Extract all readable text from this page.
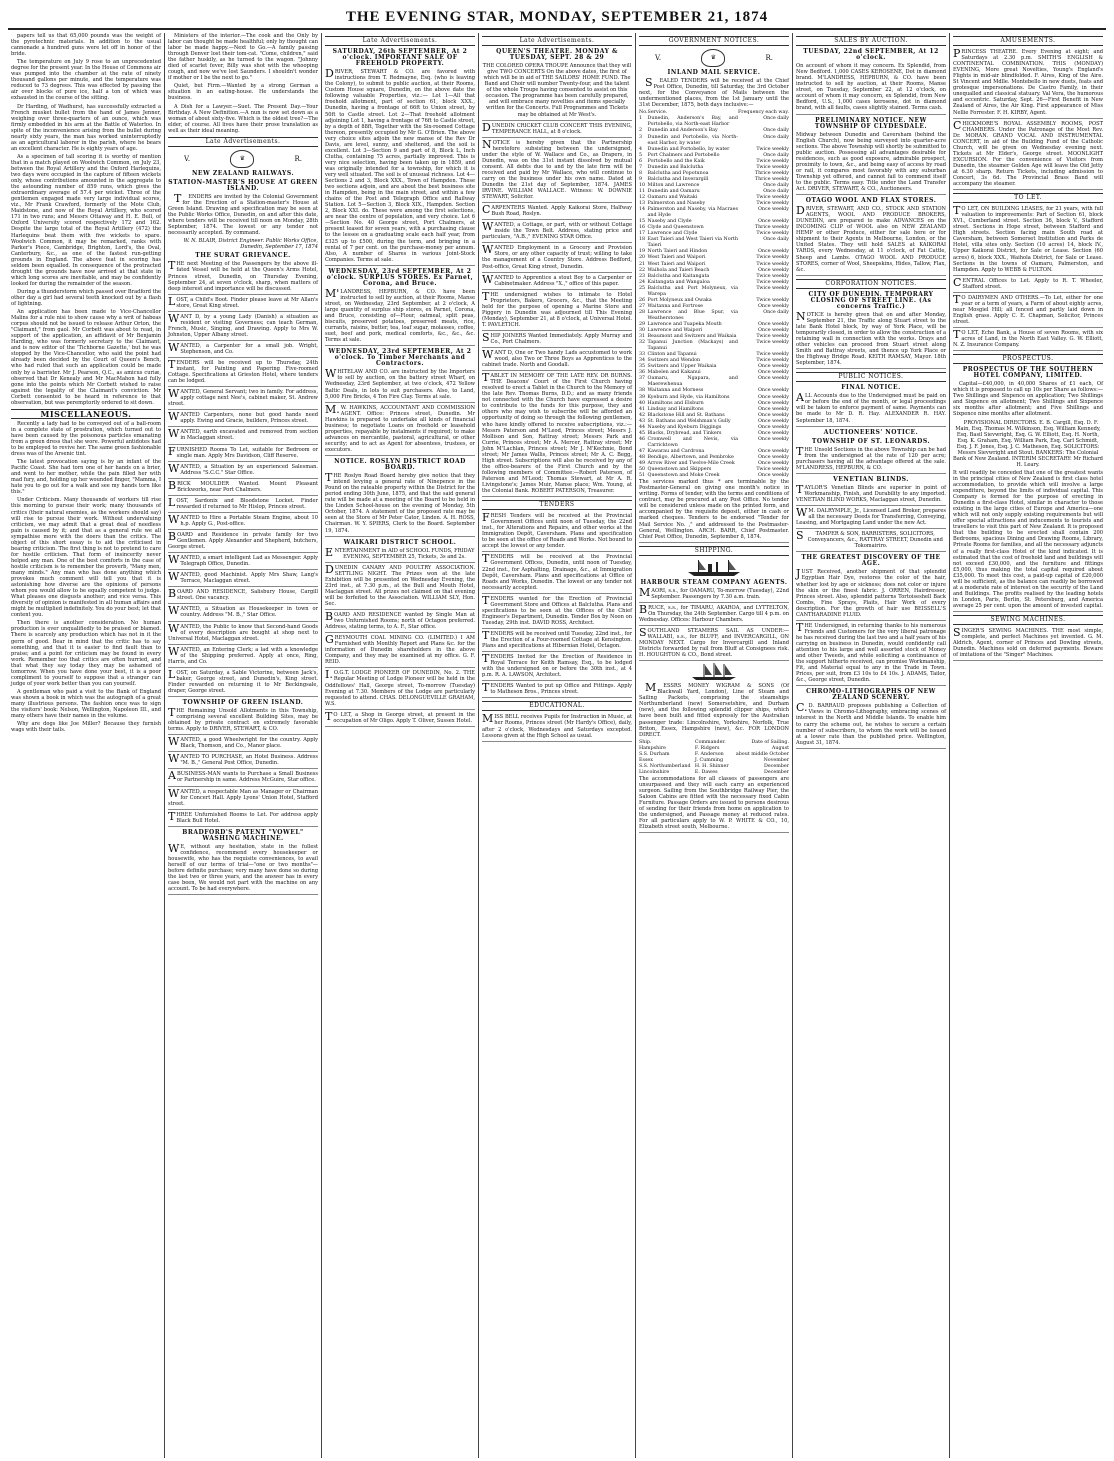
THE EVENING STAR, MONDAY, SEPTEMBER 21, 1874

papers tell us that 65,000 pounds was the weight of the pyrotechnic materials. In addition to the usual cannonade a hundred guns were let off in honor of the bride.

The temperature on July 9 rose to an unprecedented degree for the present year. In the House of Commons air was pumped into the chamber at the rate of ninety thousand gallons per minute, and the temperature was reduced to 73 degrees. This was effected by passing the air over blocks of pure ice, half a ton of which was exhausted in the course of the sitting.

Dr Harding, of Wadhurst, has successfully extracted a French musket bullet from the hand of James Jenner, weighing over three-quarters of an ounce, which was firmly embedded in his arm at the Battle of Waterloo. In spite of the inconvenience arising from the bullet during nearly sixty years, the man has worked uninterruptedly as an agricultural laborer in the parish, where he bears an excellent character. He is eighty years of age.

As a specimen of tall scoring it is worthy of mention that in a match played on Woolwich Common, on July 23, between the Royal Artillery and the Oxford Harlequins, two days were occupied in the capture of fifteen wickets only, whose contributions amounted in the aggregate to the astounding number of 859 runs, which gives the extraordinary average of 57.4 per wicket. Three of the gentlemen engaged made very large individual scores, viz., Mr Frank Crawford, formerly of the Mote Club, Maidstone, and now of the Royal Artillery, who scored 171 in two runs; and Messrs Ottaway and H. E. Bull, of Oxford University scored respectively 172 and 162. Despite the large total of the Royal Artillery (472) the Harlequins beat them with five wickets to spare. Woolwich Common, it may be remarked, ranks with Parker's Piece, Cambridge, Brighton, Lord's, the Oval, Canterbury, &c., as one of the fastest run-getting grounds in England. The above feat in scoring has seldom been equalled. In consequence of the protracted drought the grounds have now arrived at that state in which long scores are inevitable, and may be confidently looked for during the remainder of the season.

During a thunderstorm which passed over Bradford the other day a girl had several teeth knocked out by a flash of lightning.

An application has been made to Vice-Chancellor Malins for a rule nisi to show cause why a writ of habeas corpus should not be issued to release Arthur Orton, the "Claimant," from gaol. Mr Corbett was about to read, in support of the application, an affidavit of Mr Benjamin Harding, who was formerly secretary to the Claimant, and is now editor of the 'Tichborne Gazette,' but he was stopped by the Vice-Chancellor, who said the point had already been decided by the Court of Queen's Bench, who had ruled that such an application could be made only by a barrister. Mr J. Pearson, Q.C., as amicus curiæ, observed that Dr Kenealy and Mr MacMahon had fully gone into the points which Mr Corbett wished to raise against the legality of the Claimant's conviction. Mr Corbett consented to be heard in reference to that observation, but was peremptorily ordered to sit down.

MISCELLANEOUS.

Recently a lady had to be conveyed out of a ball-room in a complete state of prostration, which turned out to have been caused by the poisonous particles emanating from a green dress that she wore. Powerful antidotes had to be employed to revive her. The same green fashionable dress was of the Arsenic tint.

The latest provocation saying is by an infant of the Pacific Coast. She had torn one of her hands on a brier, and went to her mother, while the pain filled her with mad fury, and, holding up her wounded finger, "Mamma, I hate you to go out for a walk and see my hands torn like this."

Under Criticism. Many thousands of workers till rise this morning to pursue their work; many thousands of critics (their natural enemies, as the workers should say) will rise to pursue their work. Without undervaluing criticism, we may admit that a great deal of needless pain is caused by it; and that as a general rule we all sympathise more with the doers than the critics. The object of this short essay is to aid the criticised in bearing criticism. The first thing is not to pretend to care for hostile criticism. That form of insincerity never helped any man. One of the best comforts in the case of hostile criticism is to remember the proverb, "Many men, many minds." Any man who has done anything which provokes much comment will tell you that it is astonishing how diverse are the opinions of persons whom you would allow to be equally competent to judge. What pleases one disgusts another; and vice versa. This diversity of opinion is manifested in all human affairs and might be multiplied indefinitely. You do your best; let that content you.

Then there is another consideration. No human production is ever unqualifiedly to be praised or blamed. There is scarcely any production which has not in it the germ of good. Bear in mind that the critic has to say something, and that it is easier to find fault than to praise; and a point for criticism may be found in every work. Remember too that critics are often hurried, and that what they say today they may be ashamed of tomorrow. When you have done your best, it is a poor compliment to yourself to suppose that a stranger can judge of your work better than you can yourself.

A gentleman who paid a visit to the Bank of England was shown a book in which was the autograph of a great many illustrious persons. The fashion once was to sign the visitors' book: Nelson, Wellington, Napoleon III., and many others have their names in the volume.

Why are dogs like Joe Miller? Because they furnish wags with their tails.

Ministers of the interior.—The cook and the Only by labor can thought be made healthful; only by thought can labor be made happy.—Next to Go.—A family passing through Denver lost their tom-cat. "Come, children," said the father huskily, as he turned to the wagon. "Johnny died of scarlet fever, Billy was shot with the whooping cough, and now we've lost Saunders. I shouldn't wonder if mother or I be the next to go."

Quiet, but Firm.—Wanted by a strong German a situation in an eating-house. He understands the business.

A Dish for a Lawyer.—Suet. The Present Day.—Your Birthday. A New Definition.—A nun is now set down as a woman of about sixty-five. Which is the oldest tree?—The elder, of course. All lives have their prose translation as well as their ideal meaning.

Late Advertisements.
V.	♛	R.
NEW ZEALAND RAILWAYS.
STATION-MASTER'S HOUSE AT GREEN ISLAND.

TENDERS are invited by the Colonial Government for the Erection of a Station-master's House at Green Island. Drawing and specification may be seen at the Public Works Office, Dunedin, on and after this date, where tenders will be received till noon on Monday, 28th September, 1874. The lowest or any tender not necessarily accepted. By command.

W. N. BLAIR, District Engineer. Public Works Office, Dunedin, September 17, 1874

THE SURAT GRIEVANCE.

THE next Meeting of the Passengers by the above ill-fated Vessel will be held at the Queen's Arms Hotel, Princes street, Dunedin, on Thursday Evening, September 24, at seven o'clock, sharp, when matters of deep interest and importance will be discussed.

LOST, a Child's Boot. Finder please leave at Mr Allan's store, Great King street.

WANT D, by a young Lady (Danish) a situation as resident or visiting Governess; can teach German, French, Music, Singing, and Drawing. Apply to Mrs W. Johnston, Upper Albany street.

WANTED, a Carpenter for a small job. Wright, Stephenson, and Co.

TENDERS will be received up to Thursday, 24th instant, for Painting and Papering Five-roomed Cottage. Specifications at Grieston Hotel, where tenders can be lodged.

WANTED, General Servant; two in family. For address, apply cottage next Nee's, cabinet maker, St. Andrew street.

WANTED Carpenters, none but good hands need apply. Ewing and Gracie, builders, Princes street.

WANTED, earth excavated and removed from section in Maclaggan street.

FURNISHED Rooms To Let, suitable for Bedroom or single man. Apply Mrs Davidson, Cliff Reserve.

WANTED, a Situation by an experienced Salesman. Address "S.C.C." Star Office.

BRICK MOULDER Wanted. Mount Pleasant Brickworks, near Port Chalmers.

LOST, Sardonix and Bloodstone Locket. Finder rewarded if returned to Mr Hislop, Princes street.

WANTED to Hire a Portable Steam Engine, about 10 h.p. Apply G., Post-office.

BOARD and Residence in private family for two Gentlemen. Apply Alexander and Shepherd, butchers, George street.

WANTED, a smart intelligent Lad as Messenger. Apply Telegraph Office, Dunedin.

WANTED, good Machinist. Apply Mrs Shaw, Lang's Terrace, Maclaggan street.

BOARD AND RESIDENCE, Salisbury House, Cargill street. One vacancy.

WANTED, a Situation as Housekeeper in town or country. Address "M. B.," Star Office.

WANTED, the Public to know that Second-hand Goods of every description are bought at shop next to Universal Hotel, Maclaggan street.

WANTED, an Entering Clerk; a lad with a knowledge of the Shipping preferred. Apply at once, Ring, Harris, and Co.

LOST, on Saturday, a Sable Victorine, between Jack's, baker, George street, and Dunedin's, King street. Finder rewarded on returning it to Mr Beckingsale, draper, George street.

TOWNSHIP OF GREEN ISLAND.

THE Remaining Unsold Allotments in this Township, comprising several excellent Building Sites, may be obtained by private contract on extremely favorable terms. Apply to DRIVER, STEWART, & CO.

WANTED, a good Wheelwright for the country. Apply Black, Thomson, and Co., Manor place.

WANTED TO PURCHASE, an Hotel Business. Address "M. B.," General Post Office, Dunedin.

ABUSINESS-MAN wants to Purchase a Small Business or Partnership in same. Address McGuire, Star office.

WANTED, a respectable Man as Manager or Chairman for Concert Hall. Apply Lyons' Union Hotel, Stafford street.

THREE Unfurnished Rooms to Let. For address apply Black Bull Hotel.

BRADFORD'S PATENT "VOWEL" WASHING MACHINE.

WE, without any hesitation, state in the fullest confidence, recommend every housekeeper or housewife, who has the requisite conveniences, to avail herself of our terms of trial—"one or two months"—before definite purchase; very many have done so during the last two or three years, and the answer has in every case been, We would not part with the machine on any account. To be had everywhere.

Late Advertisements.
SATURDAY, 26th SEPTEMBER, At 2 o'clock. IMPORTANT SALE OF FREEHOLD PROPERTY.

DRIVER, STEWART & CO. are favored with instructions from T. Redmayne, Esq. (who is leaving the Colony), to submit to public auction, at their Rooms, Custom House square, Dunedin, on the above date the following valuable Properties, viz.:— Lot 1—All that freehold allotment, part of section 61, block XXX., Dunedin, having a frontage of 66ft to Union street, by 50ft to Castle street. Lot 2—That freehold allotment adjoining Lot 1, having a frontage of 76ft to Castle street, by a depth of 88ft, Together with the Six-roomed Cottage thereon, presently occupied by Mr G. O'Brien. The above very choice sites adjoin the new manse of the Rev Dr Davis, are level, sunny, and sheltered, and the soil is excellent. Lot 3—Section 9 and part of 8, Block L, Inch Clutha, containing 75 acres, partially improved. This is very nice selection, having been taken up in 1859, and was originally intended for a township, for which it is very well situated. The soil is of unusual richness. Lot 4—Sections 2 and 3, Block XXX., Town of Hampden. These two sections adjoin, and are about the best business site in Hampden, being in the main street, and within a few chains of the Post and Telegraph Office and Railway Station. Lot 5—Section 3, Block XIX., Hampden. Section 2, Block XXI. do. These were among the first selections, are near the centre of population, and very choice. Lot 6—Section No. 40 George street, Port Chalmers, at present leased for seven years, with a purchasing clause to the lessee on a graduating scale each half year, from £325 up to £500, during the term, and bringing in a rental of 7 per cent. on the purchase-money per annum. Also, A number of Shares in various Joint-Stock Companies. Terms at sale.

WEDNESDAY, 23rd SEPTEMBER, At 2 o'clock. SURPLUS STORES. Ex Parnet, Corona, and Bruce.

M'LANDRESS, HEPBURN, & CO. have been instructed to sell by auction, at their Rooms, Manse street, on Wednesday, 23rd September, at 2 o'clock, A large quantity of surplus ship stores, ex Parnet, Corona, and Bruce, consisting of—Flour, oatmeal, split peas, biscuits, preserved potatoes, preserved meats, rice, currants, raisins, butter, tea, loaf sugar, molasses, coffee, suet, beef and pork, medical comforts, &c., &c., &c. Terms at sale.

WEDNESDAY, 23rd SEPTEMBER, At 2 o'clock. To Timber Merchants and Contractors.

WHITELAW AND CO. are instructed by the Importers to sell by auction, on the battery street Wharf, on Wednesday, 23rd September, at two o'clock, 472 Yellow Baltic Deals, in lots to suit purchasers. Also, to Land, 5,000 Fire Bricks, 4 Ton Fire Clay. Terms at sale.

M.W. HAWKINS, ACCOUNTANT AND COMMISSION AGENT. Office: Princes street, Dunedin. Mr Hawkins is prepared to undertake all kinds of financial business; to negotiate Loans on freehold or leasehold properties, repayable by instalments if required; to make advances on mercantile, pastoral, agricultural, or other security; and to act as Agent for absentees, trustees, or executors.

NOTICE. ROSLYN DISTRICT ROAD BOARD.

THE Roslyn Road Board hereby give notice that they intend levying a general rate of Ninepence in the Pound on the rateable property within the District for the period ending 30th June, 1875, and that the said general rate will be made at a meeting of the Board to be held in the Linden School-house on the evening of Monday, 5th October, 1874. A statement of the proposed rate may be seen at the Store of Mr Peter Cator, Linden. A. H. ROSS, Chairman. W. Y. SPIERS, Clerk to the Board. September 19, 1874.

WAIKARI DISTRICT SCHOOL.

ENTERTAINMENT in AID of SCHOOL FUNDS, FRIDAY EVENING, SEPTEMBER 25, Tickets, 3s and 2s.

DUNEDIN CANARY AND POULTRY ASSOCIATION. SETTLING NIGHT. The Prizes won at the late Exhibition will be presented on Wednesday Evening, the 23rd inst., at 7.30 p.m., at the Bull and Mouth Hotel, Maclaggan street. All prizes not claimed on that evening will be forfeited to the Association. WILLIAM SLY, Hon. Sec.

BOARD AND RESIDENCE wanted by Single Man at two Unfurnished Rooms; north of Octagon preferred. Address, stating terms, to A. F., Star office.

GREYMOUTH COAL MINING CO. (LIMITED.) I AM Furnished with Monthly Report and Plans &c. for the information of Dunedin shareholders in the above Company, and they may be examined at my office. G. F. REID.

I.O.G.T. LODGE PIONEER OF DUNEDIN, No. 2. THE Regular Meeting of Lodge Pioneer will be held in the Oddfellows' Hall, George street, To-morrow (Tuesday) Evening at 7.30. Members of the Lodge are particularly requested to attend. CHAS. DELONGUEVILLE GRAHAM, W.S.

TO LET, a Shop in George street, at present in the occupation of Mr Oligo. Apply T. Oliver, Sussex Hotel.

Late Advertisements.
QUEEN'S THEATRE. MONDAY & TUESDAY, SEPT. 28 & 29

THE COLORED OPERA TROUPE Announce that they will give TWO CONCERTS On the above dates, the first of which will be in aid of THE SAILORS' HOME FUND. The Band and Choir will number Twenty-four, and the talent of the whole Troupe having consented to assist on this occasion. The programme has been carefully prepared, and will embrace many novelties and items specially written for the Concerts. Full Programmes and Tickets may be obtained at Mr West's.

DUNEDIN CRICKET CLUB CONCERT THIS EVENING, TEMPERANCE HALL, at 8 o'clock.

NOTICE is hereby given that the Partnership heretofore subsisting between the undersigned, under the style of W. Wallace and Co., as Drapers, in Dunedin, was on the 31st instant dissolved by mutual consent. All debts due to and by the late firm will be received and paid by Mr Wallace, who will continue to carry on the business under his own name. Dated at Dunedin the 21st day of September, 1874. JAMES IRVINE. WILLIAM WALLACE. Witness: W. DOWNIE STEWART, Solicitor.

CARPENTERS Wanted. Apply Kaikorai Store, Halfway Bush Road, Roslyn.

WANTED, a Cottage, or part, with or without Cottage inside the Town Belt. Address, stating price and particulars, "A.B.," EVENING STAR Office.

WANTED Employment in a Grocery and Provision Store, or any other capacity of trust; willing to take the management of a Country Store. Address Bedford, Post-office, Great King street, Dunedin.

WANTED to Apprentice a stout Boy to a Carpenter or Cabinetmaker. Address "X.," office of this paper.

THE undersigned wishes to intimate to Hotel Proprietors, Bakers, Grocers, &c., that the Meeting held for the purpose of opening a Marine Store and Piggery in Dunedin was adjourned till This Evening (Monday), September 21, at 8 o'clock, at Universal Hotel. T. PAVLETICH.

SHIP JOINERS Wanted Immediately. Apply Murray and Co., Port Chalmers.

WANT D, One or Two handy Lads accustomed to work wood, also Two or Three Boys as Apprentices to the cabinet trade. North and Goodall.

TABLET IN MEMORY OF THE LATE REV. DR BURNS. THE Deacons' Court of the First Church having resolved to erect a Tablet in the Church to the Memory of the late Rev. Thomas Burns, D.D.; and as many friends not connected with the Church have expressed a desire to contribute to the funds for this purpose, they and others who may wish to subscribe will be afforded an opportunity of doing so through the following gentlemen, who have kindly offered to receive subscriptions, viz.:—Messrs Paterson and M'Leod, Princes street; Messrs J. Mollison and Son, Rattray street; Messrs Park and Currie, Princes street; Mr A. Mercer, Rattray street; Mr John M'Lachlan, Princes street; Mr J. M'Kechnie, Bond street; Mr James Wallis, Princes street; Mr A. C. Begg, High street. Subscriptions will also be received by any of the office-bearers of the First Church and by the following members of Committee:—Robert Paterson, of Paterson and M'Leod; Thomas Stewart, at Mr A. R. Livingstone's; James Muir, Manse place; Wm. Young, at the Colonial Bank. ROBERT PATERSON, Treasurer.

TENDERS

FRESH Tenders will be received at the Provincial Government Offices until noon of Tuesday, the 22nd inst., for Alterations and Repairs, and other works at the Immigration Depôt, Caversham. Plans and specification to be seen at the office of Roads and Works. Not bound to accept the lowest or any tender.

TENDERS will be received at the Provincial Government Offices, Dunedin, until noon of Tuesday, 22nd inst., for Asphalting, Drainage, &c., at Immigration Depôt, Caversham. Plans and specifications at Office of Roads and Works, Dunedin. The lowest or any tender not necessarily accepted.

TENDERS wanted for the Erection of Provincial Government Store and Offices at Balclutha. Plans and specifications to be seen at the Offices of the Chief Engineer's Department, Dunedin. Tender Box by Noon on Tuesday, 29th inst. DAVID ROSS, Architect.

TENDERS will be received until Tuesday, 22nd inst., for the Erection of a Four-roomed Cottage at Kensington. Plans and specifications at Hibernian Hotel, Octagon.

TENDERS Invited for the Erection of Residence in Royal Terrace for Keith Ramsay, Esq., to be lodged with the undersigned on or before the 30th inst., at 4 p.m. R. A. LAWSON, Architect.

TENDERS Wanted to put up Office and Fittings. Apply to Matheson Bros., Princes street.

EDUCATIONAL.

MISS BELL receives Pupils for Instruction in Music, at her Rooms, Princes street (Mr Hardy's Office), daily, after 2 o'clock, Wednesdays and Saturdays excepted. Lessons given at the High School as usual.

GOVERNMENT NOTICES.
V.	♛	R.
INLAND MAIL SERVICE.

SEALED TENDERS will be received at the Chief Post Office, Dunedin, till Saturday, the 3rd October next, for the Conveyance of Mails between the undermentioned places, from the 1st January until the 31st December, 1875, both days inclusive:—

No.	Service.	Frequency each way.
1	Dunedin, Anderson's Bay, and Portobello, via North-east Harbor	Once daily
2	Dunedin and Anderson's Bay	Once daily
3	Dunedin and Portobello, via North-east Harbor, by water	Once daily
4	Dunedin and Portobello, by water	Twice weekly
5	Port Chalmers and Portobello	Once daily
6	Portobello and the Kaik	Twice weekly
7	Dunedin and Balclutha	Twice weekly
8	Balclutha and Popotunoa	Thrice weekly
9	Balclutha and Inverargill	Thrice weekly
10	Milton and Lawrence	Once daily
11	Dunedin and Oamaru	Once daily
12	Oamaru and Waitaki	Twice weekly
13	Palmerston and Naseby	Twice weekly
14	Palmerston and Naseby, via Macraes and Hyde	Once weekly
15	Naseby and Clyde	Once weekly
16	Clyde and Queenstown	Thrice weekly
17	Lawrence and Clyde	Twice weekly
18	East Taieri and West Taieri via North Taieri	Once daily
19	North Taieri and Hindon	Once weekly
20	West Taieri and Waipori	Twice weekly
21	West Taieri and Waipori	Twice weekly
22	Waihola and Taieri Beach	Once weekly
23	Balclutha and Kaitangata	Twice weekly
24	Kaitangata and Wangaloa	Twice weekly
25	Balclutha and Port Molyneux, via Warepa	Twice weekly
26	Port Molyneux and Owaka	Twice weekly
27	Waitanna and Fortrose	Once weekly
28	Lawrence and Blue Spur, via Weatherstones	Once daily
29	Lawrence and Tuapeka Mouth	Once weekly
30	Lawrence and Waipori	Once weekly
31	Beaumont and Switzers and Waikaia	Twice weekly
32	Tapanui Junction (Mackays) and Tapanui	Twice weekly
33	Clinton and Tapanui	Twice weekly
34	Switzers and Wendon	Twice weekly
35	Switzers and Upper Waikaia	Once weekly
36	Mabelen and Kakanui	Once weekly
37	Oamaru, Ngapara, and Maerewhenua	Once weekly
38	Waitanna and Morness	Once weekly
39	Kyeburn and Hyde, via Hamiltons	Once weekly
40	Hamiltons and Elsburn	Once weekly
41	Lindsay and Hamiltons	Once weekly
42	Blackstone Hill and St. Bathans	Once weekly
43	St. Bathans and Welshman's Gully	Once weekly
44	Naseby and Kyeburn Diggings	Once weekly
45	Blacks, Drybread, and Tinkers	Once weekly
46	Cromwell and Nevis, via Carricktown	Once weekly
47	Kawarau and Cardrona	Once weekly
48	Bendigo, Albertown, and Pembroke	Once weekly
49	Arrow River and Twelve-Mile Creek	Once weekly
50	Queenstown and Skippers	Twice weekly
51	Queenstown and Moke Creek	Once weekly

The services marked thus * are terminable by the Postmaster-General on giving one month's notice in writing. Forms of tender, with the terms and conditions of contract, may be procured at any Post Office. No tender will be considered unless made on the printed form, and accompanied by the requisite deposit, either in cash or marked cheques. Tenders to be endorsed "Tender for Mail Service No. ," and addressed to the Postmaster-General, Wellington. ARCH. BARR, Chief Postmaster. Chief Post Office, Dunedin, September 8, 1874.

SHIPPING.
HARBOUR STEAM COMPANY AGENTS.

MAORI, s.s., for OAMARU, To-morrow (Tuesday), 22nd September. Passengers by 7.30 a.m. train.

BRUCE, s.s., for TIMARU, AKAROA, and LYTTELTON, On Thursday, the 24th September. Cargo till 4 p.m. on Wednesday. Offices: Harbour Chambers.

SOUTHLAND STEAMERS SAIL AS UNDER:— WALLABI, s.s., for BLUFF, and INVERCARGILL, ON MONDAY NEXT. Cargo for Invercargill and Inland Districts forwarded by rail from Bluff at Consignees risk. H. HOUGHTON & CO., Bond street.

MESSRS MONEY WIGRAM & SONS (Of Blackwall Yard, London), Line of Steam and Sailing Packets, comprising the steamships Northumberland (new) Somersetshire, and Durham (new), and the following splendid clipper ships, which have been built and fitted expressly for the Australian passenger trade: Lincolnshire, Yorkshire, Norfolk, True Briton, Essex, Hampshire (new), &c. FOR LONDON DIRECT.

Ship.	Commander.	Date of Sailing.
Hampshire	F. Ridgers	August
S.S. Durham	F. Anderson	about middle October
Essex	J. Cumming	November
S.S. Northumberland	H. H. Shinner	December
Lincolnshire	E. Dawes	December

The accommodations for all classes of passengers are unsurpassed and they will each carry an experienced surgeon. Sailing from the Southbridge Railway Pier, the Saloon Cabins are fitted with the necessary fixed Cabin Furniture. Passage Orders are issued to persons desirous of sending for their friends from home on application to the undersigned, and Passage money at reduced rates. For all particulars apply to W. P. WHITE & CO., 10, Elizabeth street south, Melbourne.

SALES BY AUCTION.
TUESDAY, 22nd SEPTEMBER, At 12 o'clock.

On account of whom it may concern. Ex Splendid, from New Bedford. 1,000 CASES KEROSENE, Dot in diamond brand. M'LANDRESS, HEPBURN, & CO. have been instructed to sell by auction, at their Rooms, Manse street, on Tuesday, September 22, at 12 o'clock, on account of whom it may concern, ex Splendid, from New Bedford, U.S., 1,000 cases kerosene, dot in diamond brand, with all faults, cases slightly stained. Terms cash.

PRELIMINARY NOTICE. NEW TOWNSHIP OF CLYDESDALE.

Midway between Dunedin and Caversham (behind the English Church), now being surveyed into quarter-acre sections. The above Township will shortly be submitted to public auction. Possessing all advantages desirable for residences, such as good exposure, admirable prospect, proximity to town, &c., and being easy of access by road or rail, it compares most favorably with any suburban Township yet offered, and cannot fail to commend itself to the public. Terms easy. Title under the Land Transfer Act. DRIVER, STEWART, & CO., Auctioneers.

OTAGO WOOL AND FLAX STORES.

DRIVER, STEWART, AND CO., STOCK AND STATION AGENTS, WOOL AND PRODUCE BROKERS, DUNEDIN, are prepared to make ADVANCES on the INCOMING CLIP of WOOL also on NEW ZEALAND HEMP or other Produce, either for sale here or for shipment to their Agents in Melbourne, London, or the United States. They will hold SALES at KAIKORAI YARDS, every Wednesday, at 11 o'clock, of Fat Cattle, Sheep and Lambs. OTAGO WOOL AND PRODUCE STORES, corner of Wool, Sheepskins, Hides, Tallow, Flax, &c.

CORPORATION NOTICES.
CITY OF DUNEDIN. TEMPORARY CLOSING OF STREET LINE. (As concerns Traffic.)

NOTICE is hereby given that on and after Monday, September 21, the Traffic along Stuart street to the late Bank Hotel block, by way of York Place, will be temporarily closed, in order to allow the construction of a retaining wall in connection with the works. Drays and other vehicles can proceed from Stuart street along Smith and Battray streets, and thence up York Place or the Highway Bridge Road. KEITH RAMSAY, Mayor. 18th September, 1874.

PUBLIC NOTICES.
FINAL NOTICE.

ALL Accounts due to the Undersigned must be paid on or before the end of the month, or legal proceedings will be taken to enforce payment of same. Payments can be made to Mr D. R. Hay. ALEXANDER R. HAY. September 18, 1874.

AUCTIONEERS' NOTICE.
TOWNSHIP OF ST. LEONARDS.

THE Unsold Sections in the above Township can be had from the undersigned at the rate of 120 per acre; purchasers having all the advantage offered at the sale. M'LANDRESS, HEPBURN, & CO.

VENETIAN BLINDS.

TAYLOR'S Venetian Blinds are superior in point of Workmanship, Finish, and Durability to any imported. VENETIAN BLIND WORKS, Maclaggan street, Dunedin.

WM. DALRYMPLE, Jr., Licensed Land Broker, prepares all the necessary Deeds for Transferring, Conveying, Leasing, and Mortgaging Land under the new Act.

STAMPER & SON, BARRISTERS, SOLICITORS, Conveyancers, &c., RATTRAY STREET, Dunedin and Tokomairiro.

THE GREATEST DISCOVERY OF THE AGE.

JUST Received, another shipment of that splendid Egyptian Hair Dye, restores the color of the hair, whether lost by age or sickness; does not color or injure the skin or the finest fabric. J. ORREN, Hairdresser, Princes street. Also, splendid patterns Tortoiseshell Back Combs, Fine Sprays, Plaits, Hair Work of every description. For the growth of hair use BEISSELL'S CANTHARADINE FLUID.

THE Undersigned, in returning thanks to his numerous Friends and Customers for the very liberal patronage he has received during the last two and a half years of his carrying on business in Dunedin, would confidently call attention to his large and well assorted stock of Money and other Tweeds, and while soliciting a continuance of the support hitherto received, can promise Workmanship, Fit, and Material equal to any in the Trade in Town. Prices, per suit, from £3 10s to £4 10s. J. ADAMS, Tailor, &c., George street, Dunedin.

CHROMO-LITHOGRAPHS OF NEW ZEALAND SCENERY.

C.D. BARRAUD proposes publishing a Collection of Views in Chromo-Lithography, embracing scenes of interest in the North and Middle Islands. To enable him to carry the scheme out, he wishes to secure a certain number of subscribers, to whom the work will be issued at a lower rate than the published price. Wellington, August 31, 1874.

AMUSEMENTS.

PRINCESS THEATRE. Every Evening at eight; and Saturdays at 2.30 p.m. SMITH'S ENGLISH & CONTINENTAL COMBINATION. THIS (MONDAY) EVENING, More great Novelties, Young's England's Flights in mid-air blindfolded. F. Aires, King of the Aire. St Vincent and Mdlle. Montebello in new duets, feats and grotesque impersonations. De Castro Family, in their unequalled and classical statuary. Val Vera, the humorous and eccentric. Saturday, Sept. 26—First Benefit in New Zealand of Aires, the Air King. First appearance of Miss Nellie Forrester. F. H. KIRBY, Agent.

CHICKMORE'S ROYAL ASSEMBLY ROOMS, POST CHAMBERS. Under the Patronage of the Most Rev. Dr. MORAN. GRAND VOCAL AND INSTRUMENTAL CONCERT, in aid of the Building Fund of the Catholic Church, will be given on Wednesday evening next. Tickets at Mr Elder's, George street. MOONLIGHT EXCURSION. For the convenience of Visitors from Dunedin, the steamer Golden Age will leave the Old Jetty at 6.30 sharp. Return Tickets, including admission to Concert, 3s 6d. The Provincial Brass Band will accompany the steamer.

TO LET.

TO LET, ON BUILDING LEASES, for 21 years, with full valuation to improvements: Part of Section 61, block XVI., Cumberland street. Section 36, block V., Stafford street. Sections in Hope street, between Stafford and High streets. Section facing main South road at Caversham, between Somerset Institution and Parks de Hotel, villa sites only. Section (10 acres) 14, block IV., Upper Kaikorai District, for Sale or Lease. Section (60 acres) 6, block XXX., Waihola District, for Sale or Lease. Sections in the towns of Oamaru, Palmerston, and Hampden. Apply to WEBB & FULTON.

CENTRAL Offices to Let. Apply to R. T. Wheeler, Stafford street.

TO DAIRYMEN AND OTHERS.—To Let, either for one year or a term of years, a Farm of about eighty acres, near Mosgiel Hill; all fenced and partly laid down in English grass. Apply C. E. Chapman, Solicitor, Princes street.

TO LET, Echo Bank, a House of seven Rooms, with six acres of Land, in the North East Valley. G. W. Elliott, N. Z. Insurance Company.

PROSPECTUS.
PROSPECTUS OF THE SOUTHERN HOTEL COMPANY, LIMITED.

Capital—£40,000, in 40,000 Shares of £1 each, Of which it is proposed to call up 10s per Share as follows:— Two Shillings and Sixpence on application; Two Shillings and Sixpence on allotment; Two Shillings and Sixpence six months after allotment; and Five Shillings and Sixpence nine months after allotment.

PROVISIONAL DIRECTORS. E. B. Cargill, Esq. D. F. Main, Esq. Thomas M. Wilkinson, Esq. William Kennedy, Esq. Basil Sievwright, Esq. G. W. Elliott, Esq. H. North, Esq. K. Graham, Esq. William Park, Esq. Carl Schmidt, Esq. J. F. Jones, Esq. J. C. Matheson, Esq. SOLICITORS: Messrs Sievwright and Stout. BANKERS: The Colonial Bank of New Zealand. INTERIM SECRETARY: Mr Richard H. Leary.

It will readily be conceded that one of the greatest wants in the principal cities of New Zealand is first class hotel accommodation, to provide which will involve a large expenditure, beyond the limits of individual capital. This Company is formed for the purpose of erecting in Dunedin a first-class Hotel, similar in character to those existing in the large cities of Europe and America—one which will not only supply existing requirements but will offer special attractions and inducements to tourists and travellers to visit this part of New Zealand. It is proposed that the building to be erected shall contain 200 Bedrooms, spacious Dining and Drawing Rooms, Library, Private Rooms for families, and all the necessary adjuncts of a really first-class Hotel of the kind indicated. It is estimated that the cost of freehold land and buildings will not exceed £30,000, and the furniture and fittings £5,000, thus making the total capital required about £35,000. To meet this cost, a paid-up capital of £20,000 will be sufficient, as the balance can readily be borrowed at a moderate rate of interest on the security of the Land and Buildings. The profits realised by the leading hotels in London, Paris, Berlin, St. Petersburg, and America average 25 per cent. upon the amount of invested capital.

SEWING MACHINES.

SINGER'S SEWING MACHINES. THE most simple, complete, and perfect Machines yet invented. G. M. Aldrich, Agent, corner of Princes and Dowling streets, Dunedin. Machines sold on deferred payments. Beware of imitations of the "Singer" Machines.
